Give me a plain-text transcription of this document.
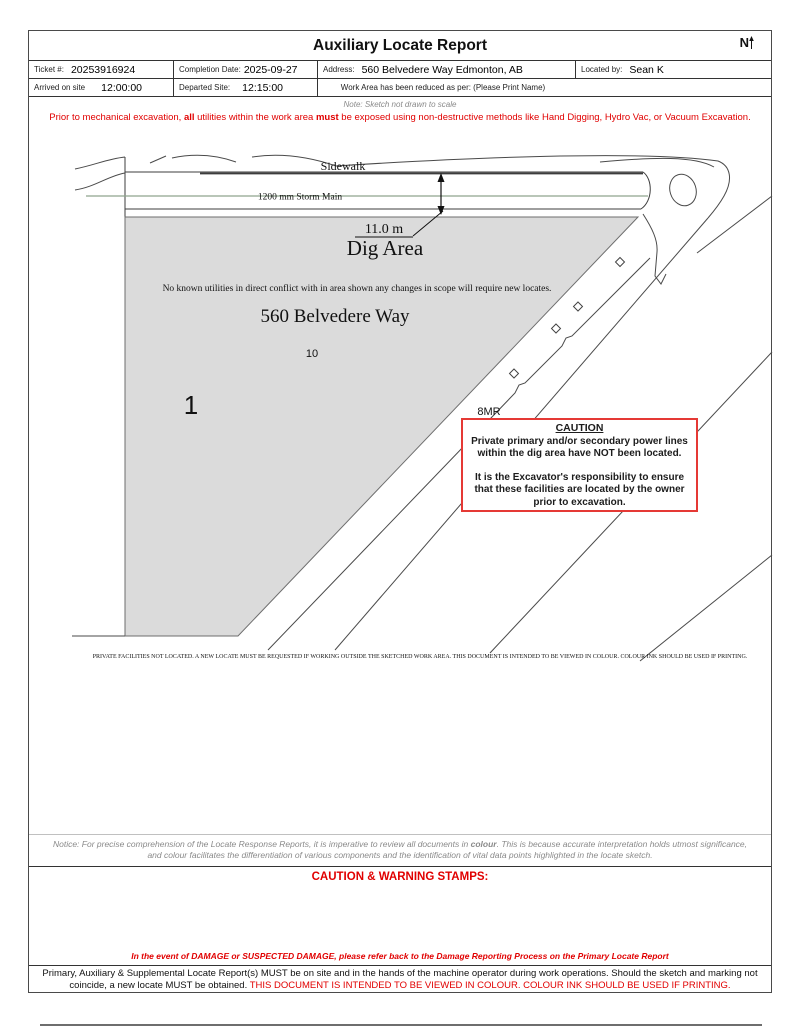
Sidewalk
1200 mm Storm Main
11.0 m
Dig Area
No known utilities in direct conflict with in area shown any changes in scope will require new locates.
560 Belvedere Way
10
1	8MR
PRIVATE FACILITIES NOT LOCATED. A NEW LOCATE MUST BE REQUESTED IF WORKING OUTSIDE THE SKETCHED WORK AREA. THIS DOCUMENT IS INTENDED TO BE VIEWED IN COLOUR. COLOUR INK SHOULD BE USED IF PRINTING.
CAUTION
Private primary and/or secondary power lines
within the dig area have NOT been located.
It is the Excavator's responsibility to ensure
that these facilities are located by the owner
prior to excavation.
Auxiliary Locate Report	N
Ticket #: 20253916924	Completion Date: 2025-09-27	Address: 560 Belvedere Way Edmonton, AB	Located by: Sean K
Arrived on site 12:00:00	Departed Site: 12:15:00	Work Area has been reduced as per: (Please Print Name)
Note: Sketch not drawn to scale
Prior to mechanical excavation, all utilities within the work area must be exposed using non-destructive methods like Hand Digging, Hydro Vac, or Vacuum Excavation.
Notice: For precise comprehension of the Locate Response Reports, it is imperative to review all documents in colour. This is because accurate interpretation holds utmost significance, and colour facilitates the differentiation of various components and the identification of vital data points highlighted in the locate sketch.
CAUTION & WARNING STAMPS:
In the event of DAMAGE or SUSPECTED DAMAGE, please refer back to the Damage Reporting Process on the Primary Locate Report
Primary, Auxiliary & Supplemental Locate Report(s) MUST be on site and in the hands of the machine operator during work operations. Should the sketch and marking not coincide, a new locate MUST be obtained. THIS DOCUMENT IS INTENDED TO BE VIEWED IN COLOUR. COLOUR INK SHOULD BE USED IF PRINTING.
